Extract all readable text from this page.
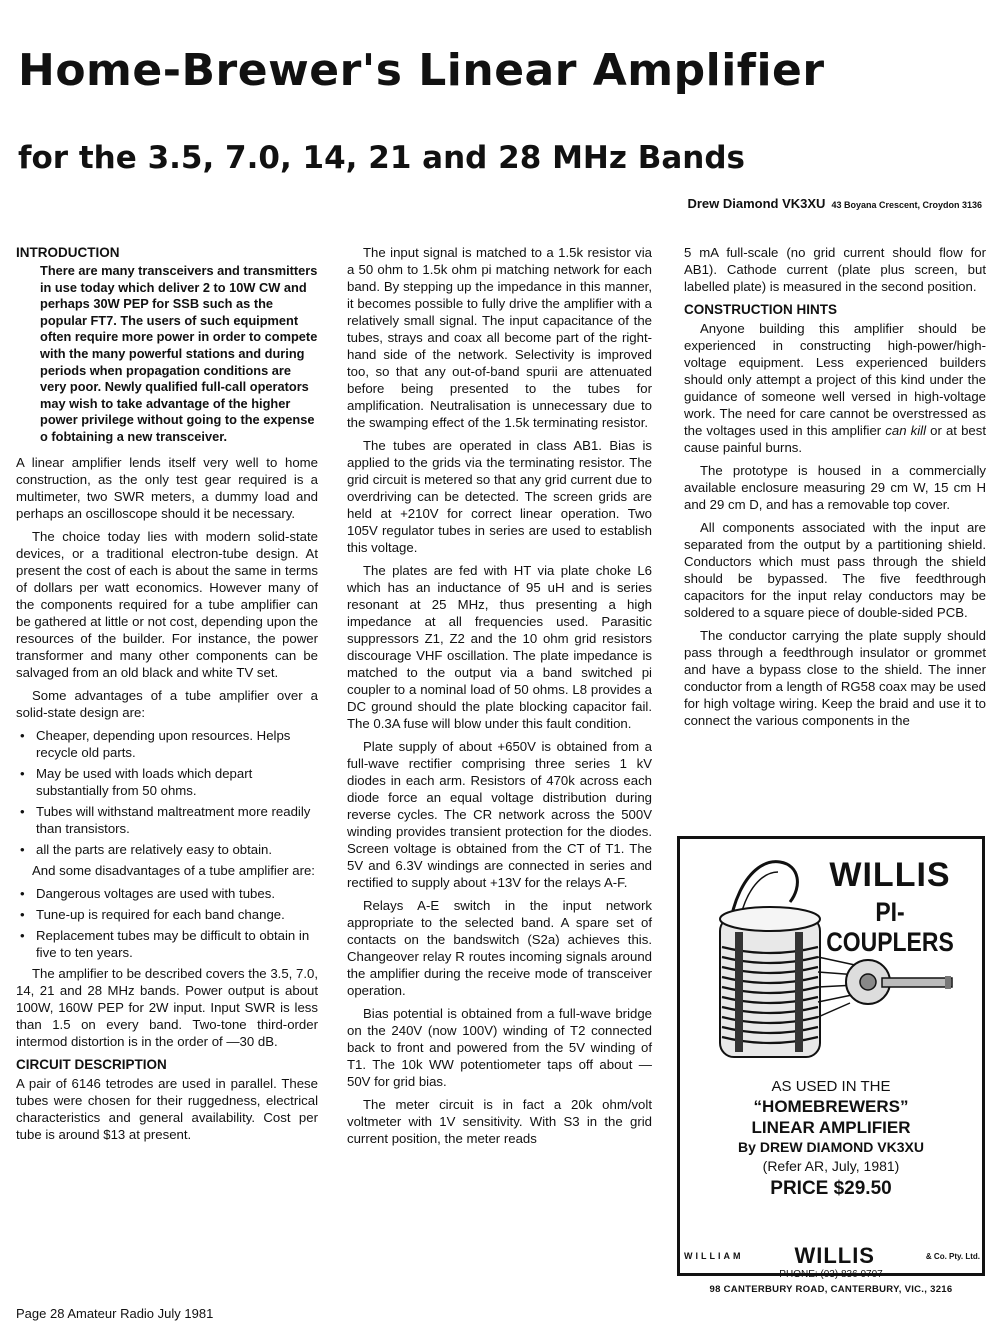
Home-Brewer's Linear Amplifier
for the 3.5, 7.0, 14, 21 and 28 MHz Bands
Drew Diamond VK3XU 43 Boyana Crescent, Croydon 3136
INTRODUCTION

There are many transceivers and transmitters in use today which deliver 2 to 10W CW and perhaps 30W PEP for SSB such as the popular FT7. The users of such equipment often require more power in order to compete with the many powerful stations and during periods when propagation conditions are very poor. Newly qualified full-call operators may wish to take advantage of the higher power privilege without going to the expense o fobtaining a new transceiver.

A linear amplifier lends itself very well to home construction, as the only test gear required is a multimeter, two SWR meters, a dummy load and perhaps an oscilloscope should it be necessary.

The choice today lies with modern solid-state devices, or a traditional electron-tube design. At present the cost of each is about the same in terms of dollars per watt economics. However many of the components required for a tube amplifier can be gathered at little or not cost, depending upon the resources of the builder. For instance, the power transformer and many other components can be salvaged from an old black and white TV set.

Some advantages of a tube amplifier over a solid-state design are:

• Cheaper, depending upon resources. Helps recycle old parts.
• May be used with loads which depart substantially from 50 ohms.
• Tubes will withstand maltreatment more readily than transistors.
• all the parts are relatively easy to obtain.

And some disadvantages of a tube amplifier are:

• Dangerous voltages are used with tubes.
• Tune-up is required for each band change.
• Replacement tubes may be difficult to obtain in five to ten years.

The amplifier to be described covers the 3.5, 7.0, 14, 21 and 28 MHz bands. Power output is about 100W, 160W PEP for 2W input. Input SWR is less than 1.5 on every band. Two-tone third-order intermod distortion is in the order of —30 dB.

CIRCUIT DESCRIPTION

A pair of 6146 tetrodes are used in parallel. These tubes were chosen for their ruggedness, electrical characteristics and general availability. Cost per tube is around $13 at present.

The input signal is matched to a 1.5k resistor via a 50 ohm to 1.5k ohm pi matching network for each band. By stepping up the impedance in this manner, it becomes possible to fully drive the amplifier with a relatively small signal. The input capacitance of the tubes, strays and coax all become part of the right-hand side of the network. Selectivity is improved too, so that any out-of-band spurii are attenuated before being presented to the tubes for amplification. Neutralisation is unnecessary due to the swamping effect of the 1.5k terminating resistor.

The tubes are operated in class AB1. Bias is applied to the grids via the terminating resistor. The grid circuit is metered so that any grid current due to overdriving can be detected. The screen grids are held at +210V for correct linear operation. Two 105V regulator tubes in series are used to establish this voltage.

The plates are fed with HT via plate choke L6 which has an inductance of 95 uH and is series resonant at 25 MHz, thus presenting a high impedance at all frequencies used. Parasitic suppressors Z1, Z2 and the 10 ohm grid resistors discourage VHF oscillation. The plate impedance is matched to the output via a band switched pi coupler to a nominal load of 50 ohms. L8 provides a DC ground should the plate blocking capacitor fail. The 0.3A fuse will blow under this fault condition.

Plate supply of about +650V is obtained from a full-wave rectifier comprising three series 1 kV diodes in each arm. Resistors of 470k across each diode force an equal voltage distribution during reverse cycles. The CR network across the 500V winding provides transient protection for the diodes. Screen voltage is obtained from the CT of T1. The 5V and 6.3V windings are connected in series and rectified to supply about +13V for the relays A-F.

Relays A-E switch in the input network appropriate to the selected band. A spare set of contacts on the bandswitch (S2a) achieves this. Changeover relay R routes incoming signals around the amplifier during the receive mode of transceiver operation.

Bias potential is obtained from a full-wave bridge on the 240V (now 100V) winding of T2 connected back to front and powered from the 5V winding of T1. The 10k WW potentiometer taps off about —50V for grid bias.

The meter circuit is in fact a 20k ohm/volt voltmeter with 1V sensitivity. With S3 in the grid current position, the meter reads

5 mA full-scale (no grid current should flow for AB1). Cathode current (plate plus screen, but labelled plate) is measured in the second position.

CONSTRUCTION HINTS

Anyone building this amplifier should be experienced in constructing high-power/high-voltage equipment. Less experienced builders should only attempt a project of this kind under the guidance of someone well versed in high-voltage work. The need for care cannot be overstressed as the voltages used in this amplifier can kill or at best cause painful burns.

The prototype is housed in a commercially available enclosure measuring 29 cm W, 15 cm H and 29 cm D, and has a removable top cover.

All components associated with the input are separated from the output by a partitioning shield. Conductors which must pass through the shield should be bypassed. The five feedthrough capacitors for the input relay conductors may be soldered to a square piece of double-sided PCB.

The conductor carrying the plate supply should pass through a feedthrough insulator or grommet and have a bypass close to the shield. The inner conductor from a length of RG58 coax may be used for high voltage wiring. Keep the braid and use it to connect the various components in the

WILLIS
PI-COUPLERS
AS USED IN THE
“HOMEBREWERS”
LINEAR AMPLIFIER
By DREW DIAMOND VK3XU
(Refer AR, July, 1981)
PRICE $29.50
WILLIAM WILLIS	& Co. Pty. Ltd.
PHONE: (03) 836 0707
98 CANTERBURY ROAD, CANTERBURY, VIC., 3216
Page 28 Amateur Radio July 1981
